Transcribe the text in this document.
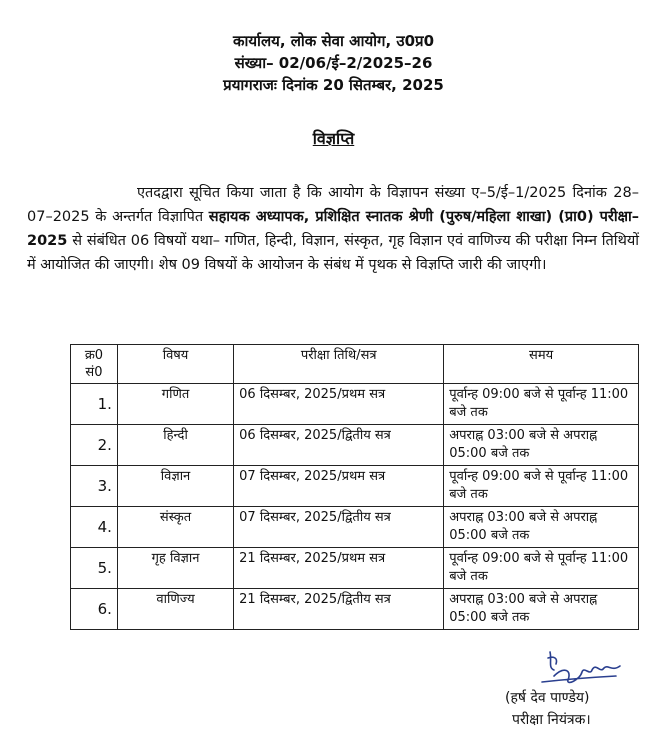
कार्यालय, लोक सेवा आयोग, उ0प्र0
संख्या– 02/06/ई–2/2025–26
प्रयागराजः दिनांक 20 सितम्बर, 2025
विज्ञप्ति
एतदद्वारा सूचित किया जाता है कि आयोग के विज्ञापन संख्या ए–5/ई–1/2025 दिनांक 28–07–2025 के अन्तर्गत विज्ञापित सहायक अध्यापक, प्रशिक्षित स्नातक श्रेणी (पुरुष/महिला शाखा) (प्रा0) परीक्षा–2025 से संबंधित 06 विषयों यथा– गणित, हिन्दी, विज्ञान, संस्कृत, गृह विज्ञान एवं वाणिज्य की परीक्षा निम्न तिथियों में आयोजित की जाएगी। शेष 09 विषयों के आयोजन के संबंध में पृथक से विज्ञप्ति जारी की जाएगी।
क्र0 सं0	विषय	परीक्षा तिथि/सत्र	समय
1.	गणित	06 दिसम्बर, 2025/प्रथम सत्र	पूर्वान्ह 09:00 बजे से पूर्वान्ह 11:00 बजे तक
2.	हिन्दी	06 दिसम्बर, 2025/द्वितीय सत्र	अपराह्न 03:00 बजे से अपराह्न 05:00 बजे तक
3.	विज्ञान	07 दिसम्बर, 2025/प्रथम सत्र	पूर्वान्ह 09:00 बजे से पूर्वान्ह 11:00 बजे तक
4.	संस्कृत	07 दिसम्बर, 2025/द्वितीय सत्र	अपराह्न 03:00 बजे से अपराह्न 05:00 बजे तक
5.	गृह विज्ञान	21 दिसम्बर, 2025/प्रथम सत्र	पूर्वान्ह 09:00 बजे से पूर्वान्ह 11:00 बजे तक
6.	वाणिज्य	21 दिसम्बर, 2025/द्वितीय सत्र	अपराह्न 03:00 बजे से अपराह्न 05:00 बजे तक
(हर्ष देव पाण्डेय)
परीक्षा नियंत्रक।
